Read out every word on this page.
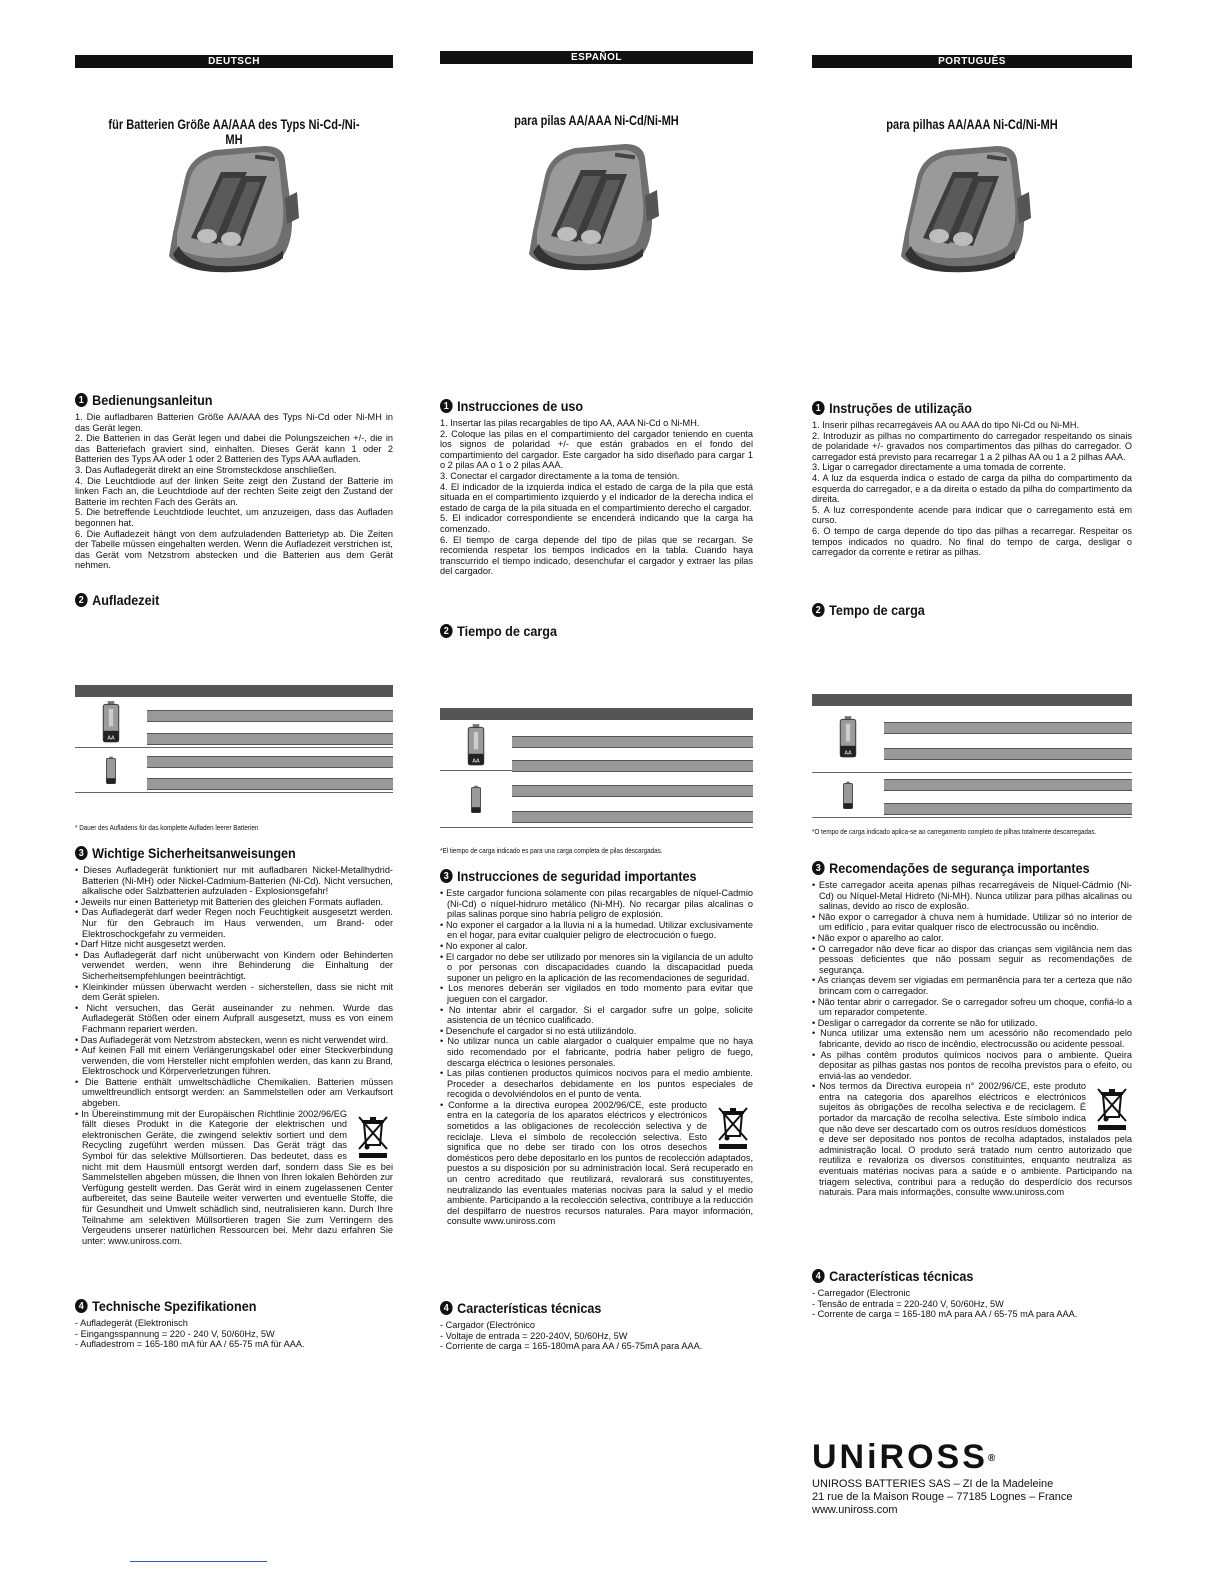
DEUTSCH
für Batterien Größe AA/AAA des Typs Ni-Cd-/Ni-MH
1 Bedienungsanleitun

1. Die aufladbaren Batterien Größe AA/AAA des Typs Ni-Cd oder Ni-MH in das Gerät legen.

2. Die Batterien in das Gerät legen und dabei die Polungszeichen +/-, die in das Batteriefach graviert sind, einhalten. Dieses Gerät kann 1 oder 2 Batterien des Typs AA oder 1 oder 2 Batterien des Typs AAA aufladen.

3. Das Aufladegerät direkt an eine Stromsteckdose anschließen.

4. Die Leuchtdiode auf der linken Seite zeigt den Zustand der Batterie im linken Fach an, die Leuchtdiode auf der rechten Seite zeigt den Zustand der Batterie im rechten Fach des Geräts an.

5. Die betreffende Leuchtdiode leuchtet, um anzuzeigen, dass das Aufladen begonnen hat.

6. Die Aufladezeit hängt von dem aufzuladenden Batterietyp ab. Die Zeiten der Tabelle müssen eingehalten werden. Wenn die Aufladezeit verstrichen ist, das Gerät vom Netzstrom abstecken und die Batterien aus dem Gerät nehmen.

2 Aufladezeit
* Dauer des Aufladens für das komplette Aufladen leerer Batterien
3 Wichtige Sicherheitsanweisungen

• Dieses Aufladegerät funktioniert nur mit aufladbaren Nickel-Metallhydrid-Batterien (Ni-MH) oder Nickel-Cadmium-Batterien (Ni-Cd). Nicht versuchen, alkalische oder Salzbatterien aufzuladen - Explosionsgefahr!

• Jeweils nur einen Batterietyp mit Batterien des gleichen Formats aufladen.

• Das Aufladegerät darf weder Regen noch Feuchtigkeit ausgesetzt werden. Nur für den Gebrauch im Haus verwenden, um Brand- oder Elektroschockgefahr zu vermeiden.

• Darf Hitze nicht ausgesetzt werden.

• Das Aufladegerät darf nicht unüberwacht von Kindern oder Behinderten verwendet werden, wenn ihre Behinderung die Einhaltung der Sicherheitsempfehlungen beeinträchtigt.

• Kleinkinder müssen überwacht werden - sicherstellen, dass sie nicht mit dem Gerät spielen.

• Nicht versuchen, das Gerät auseinander zu nehmen. Wurde das Aufladegerät Stößen oder einem Aufprall ausgesetzt, muss es von einem Fachmann repariert werden.

• Das Aufladegerät vom Netzstrom abstecken, wenn es nicht verwendet wird.

• Auf keinen Fall mit einem Verlängerungskabel oder einer Steckverbindung verwenden, die vom Hersteller nicht empfohlen werden, das kann zu Brand, Elektroschock und Körperverletzungen führen.

• Die Batterie enthält umweltschädliche Chemikalien. Batterien müssen umweltfreundlich entsorgt werden: an Sammelstellen oder am Verkaufsort abgeben.

• In Übereinstimmung mit der Europäischen Richtlinie 2002/96/EG fällt dieses Produkt in die Kategorie der elektrischen und elektronischen Geräte, die zwingend selektiv sortiert und dem Recycling zugeführt werden müssen. Das Gerät trägt das Symbol für das selektive Müllsortieren. Das bedeutet, dass es nicht mit dem Hausmüll entsorgt werden darf, sondern dass Sie es bei Sammelstellen abgeben müssen, die Ihnen von Ihren lokalen Behörden zur Verfügung gestellt werden. Das Gerät wird in einem zugelassenen Center aufbereitet, das seine Bauteile weiter verwerten und eventuelle Stoffe, die für Gesundheit und Umwelt schädlich sind, neutralisieren kann. Durch Ihre Teilnahme am selektiven Müllsortieren tragen Sie zum Verringern des Vergeudens unserer natürlichen Ressourcen bei. Mehr dazu erfahren Sie unter: www.uniross.com.

4 Technische Spezifikationen

- Aufladegerät (Elektronisch

- Eingangsspannung = 220 - 240 V, 50/60Hz, 5W

- Aufladestrom = 165-180 mA für AA / 65-75 mA für AAA.

ESPAÑOL
para pilas AA/AAA Ni-Cd/Ni-MH
1 Instrucciones de uso

1. Insertar las pilas recargables de tipo AA, AAA Ni-Cd o Ni-MH.

2. Coloque las pilas en el compartimiento del cargador teniendo en cuenta los signos de polaridad +/- que están grabados en el fondo del compartimiento del cargador. Este cargador ha sido diseñado para cargar 1 o 2 pilas AA o 1 o 2 pilas AAA.

3. Conectar el cargador directamente a la toma de tensión.

4. El indicador de la izquierda indica el estado de carga de la pila que está situada en el compartimiento izquierdo y el indicador de la derecha indica el estado de carga de la pila situada en el compartimiento derecho el cargador.

5. El indicador correspondiente se encenderá indicando que la carga ha comenzado.

6. El tiempo de carga depende del tipo de pilas que se recargan. Se recomienda respetar los tiempos indicados en la tabla. Cuando haya transcurrido el tiempo indicado, desenchufar el cargador y extraer las pilas del cargador.

2 Tiempo de carga
*El tiempo de carga indicado es para una carga completa de pilas descargadas.
3 Instrucciones de seguridad importantes

• Este cargador funciona solamente con pilas recargables de níquel-Cadmio (Ni-Cd) o níquel-hidruro metálico (Ni-MH). No recargar pilas alcalinas o pilas salinas porque sino habría peligro de explosión.

• No exponer el cargador a la lluvia ni a la humedad. Utilizar exclusivamente en el hogar, para evitar cualquier peligro de electrocución o fuego.

• No exponer al calor.

• El cargador no debe ser utilizado por menores sin la vigilancia de un adulto o por personas con discapacidades cuando la discapacidad pueda suponer un peligro en la aplicación de las recomendaciones de seguridad.

• Los menores deberán ser vigilados en todo momento para evitar que jueguen con el cargador.

• No intentar abrir el cargador. Si el cargador sufre un golpe, solicite asistencia de un técnico cualificado.

• Desenchufe el cargador si no está utilizándolo.

• No utilizar nunca un cable alargador o cualquier empalme que no haya sido recomendado por el fabricante, podría haber peligro de fuego, descarga eléctrica o lesiones personales.

• Las pilas contienen productos químicos nocivos para el medio ambiente. Proceder a desecharlos debidamente en los puntos especiales de recogida o devolviéndolos en el punto de venta.

• Conforme a la directiva europea 2002/96/CE, este producto entra en la categoría de los aparatos eléctricos y electrónicos sometidos a las obligaciones de recolección selectiva y de reciclaje. Lleva el símbolo de recolección selectiva. Esto significa que no debe ser tirado con los otros desechos domésticos pero debe depositarlo en los puntos de recolección adaptados, puestos a su disposición por su administración local. Será recuperado en un centro acreditado que reutilizará, revalorará sus constituyentes, neutralizando las eventuales materias nocivas para la salud y el medio ambiente. Participando a la recolección selectiva, contribuye a la reducción del despilfarro de nuestros recursos naturales. Para mayor información, consulte www.uniross.com

4 Características técnicas

- Cargador (Electrónico

- Voltaje de entrada = 220-240V, 50/60Hz, 5W

- Corriente de carga = 165-180mA para AA / 65-75mA para AAA.

PORTUGUÊS
para pilhas AA/AAA Ni-Cd/Ni-MH
1 Instruções de utilização

1. Inserir pilhas recarregáveis AA ou AAA do tipo Ni-Cd ou Ni-MH.

2. Introduzir as pilhas no compartimento do carregador respeitando os sinais de polaridade +/- gravados nos compartimentos das pilhas do carregador. O carregador está previsto para recarregar 1 a 2 pilhas AA ou 1 a 2 pilhas AAA.

3. Ligar o carregador directamente a uma tomada de corrente.

4. A luz da esquerda indica o estado de carga da pilha do compartimento da esquerda do carregador, e a da direita o estado da pilha do compartimento da direita.

5. A luz correspondente acende para indicar que o carregamento está em curso.

6. O tempo de carga depende do tipo das pilhas a recarregar. Respeitar os tempos indicados no quadro. No final do tempo de carga, desligar o carregador da corrente e retirar as pilhas.

2 Tempo de carga
*O tempo de carga indicado aplica-se ao carregamento completo de pilhas totalmente descarregadas.
3 Recomendações de segurança importantes

• Este carregador aceita apenas pilhas recarregáveis de Níquel-Cádmio (Ni-Cd) ou Níquel-Metal Hidreto (Ni-MH). Nunca utilizar para pilhas alcalinas ou salinas, devido ao risco de explosão.

• Não expor o carregador à chuva nem à humidade. Utilizar só no interior de um edifício , para evitar qualquer risco de electrocussão ou incêndio.

• Não expor o aparelho ao calor.

• O carregador não deve ficar ao dispor das crianças sem vigilância nem das pessoas deficientes que não possam seguir as recomendações de segurança.

• As crianças devem ser vigiadas em permanência para ter a certeza que não brincam com o carregador.

• Não tentar abrir o carregador. Se o carregador sofreu um choque, confiá-lo a um reparador competente.

• Desligar o carregador da corrente se não for utilizado.

• Nunca utilizar uma extensão nem um acessório não recomendado pelo fabricante, devido ao risco de incêndio, electrocussão ou acidente pessoal.

• As pilhas contêm produtos químicos nocivos para o ambiente. Queira depositar as pilhas gastas nos pontos de recolha previstos para o efeito, ou enviá-las ao vendedor.

• Nos termos da Directiva europeia n° 2002/96/CE, este produto entra na categoria dos aparelhos eléctricos e electrónicos sujeitos às obrigações de recolha selectiva e de reciclagem. É portador da marcação de recolha selectiva. Este símbolo indica que não deve ser descartado com os outros resíduos domésticos e deve ser depositado nos pontos de recolha adaptados, instalados pela administração local. O produto será tratado num centro autorizado que reutiliza e revaloriza os diversos constituintes, enquanto neutraliza as eventuais matérias nocivas para a saúde e o ambiente. Participando na triagem selectiva, contribui para a redução do desperdício dos recursos naturais. Para mais informações, consulte www.uniross.com

4 Características técnicas

- Carregador (Electronic

- Tensão de entrada = 220-240 V, 50/60Hz, 5W

- Corrente de carga = 165-180 mA para AA / 65-75 mA para AAA.

UNiROSS®
UNIROSS BATTERIES SAS – ZI de la Madeleine
21 rue de la Maison Rouge – 77185 Lognes – France
www.uniross.com
